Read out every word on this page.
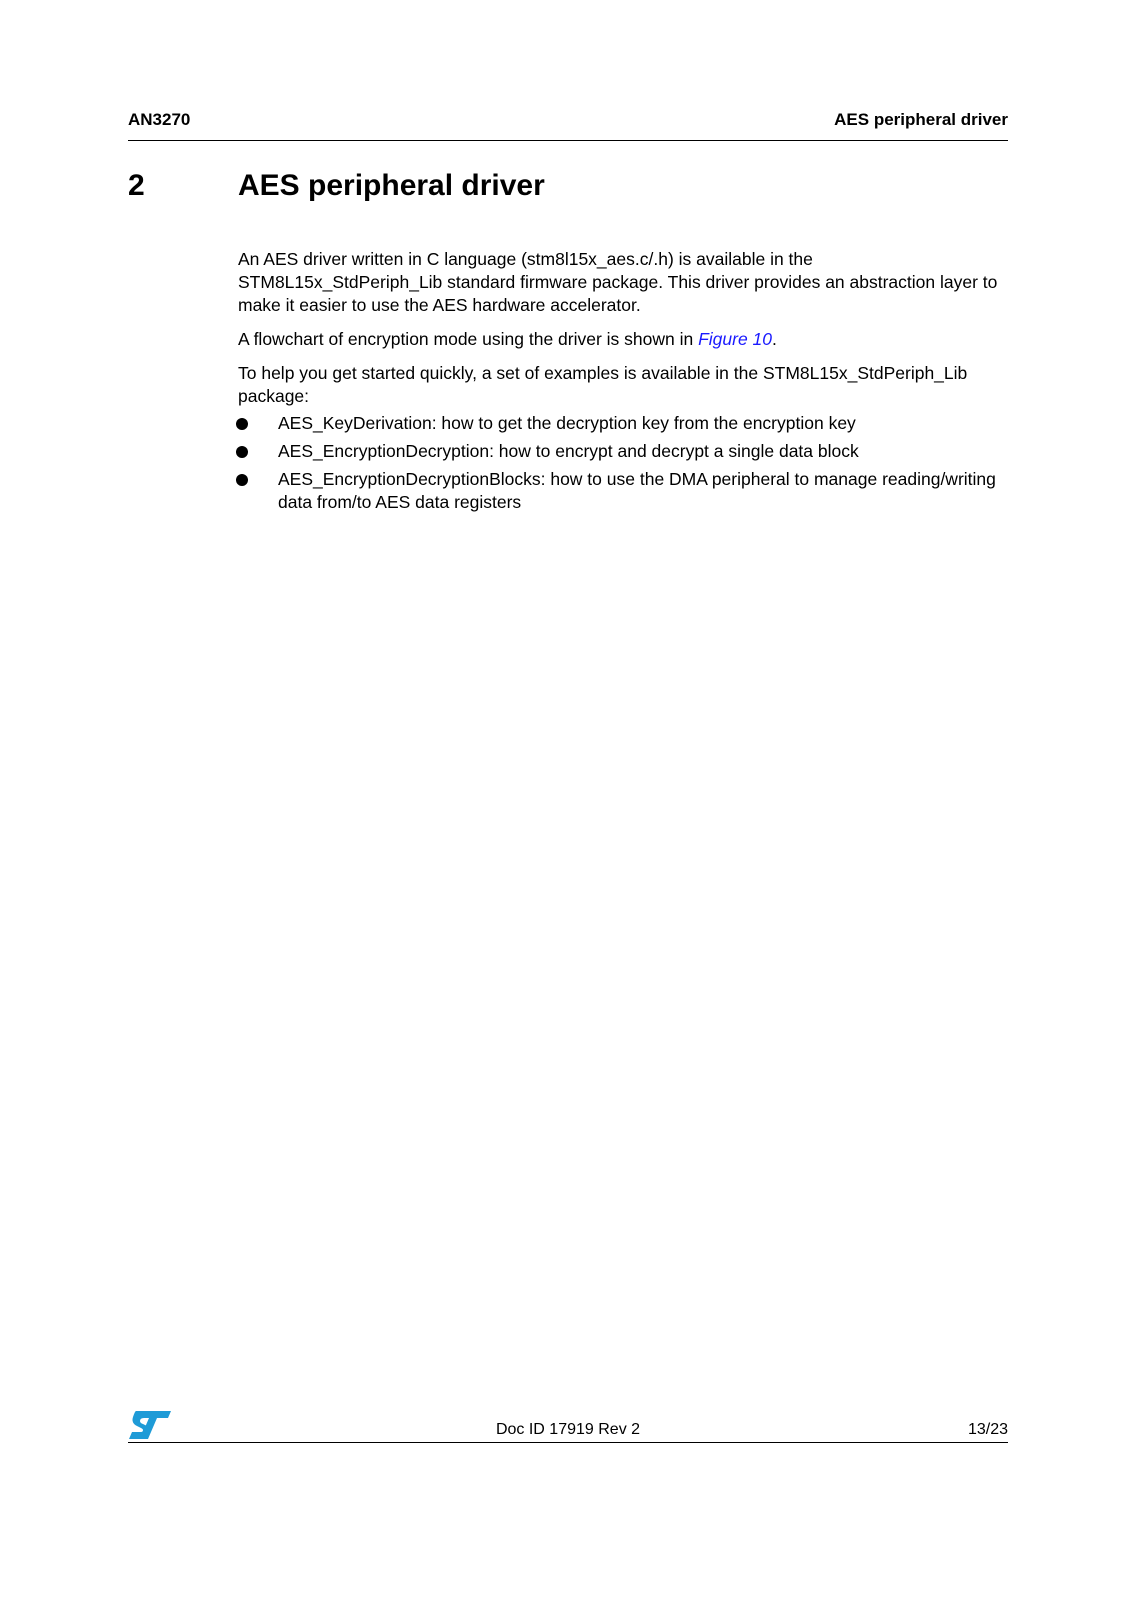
AN3270	AES peripheral driver
2	AES peripheral driver

An AES driver written in C language (stm8l15x_aes.c/.h) is available in the STM8L15x_StdPeriph_Lib standard firmware package. This driver provides an abstraction layer to make it easier to use the AES hardware accelerator.

A flowchart of encryption mode using the driver is shown in Figure 10.

To help you get started quickly, a set of examples is available in the STM8L15x_StdPeriph_Lib package:

AES_KeyDerivation: how to get the decryption key from the encryption key
AES_EncryptionDecryption: how to encrypt and decrypt a single data block
AES_EncryptionDecryptionBlocks: how to use the DMA peripheral to manage reading/writing data from/to AES data registers
Doc ID 17919 Rev 2	13/23
